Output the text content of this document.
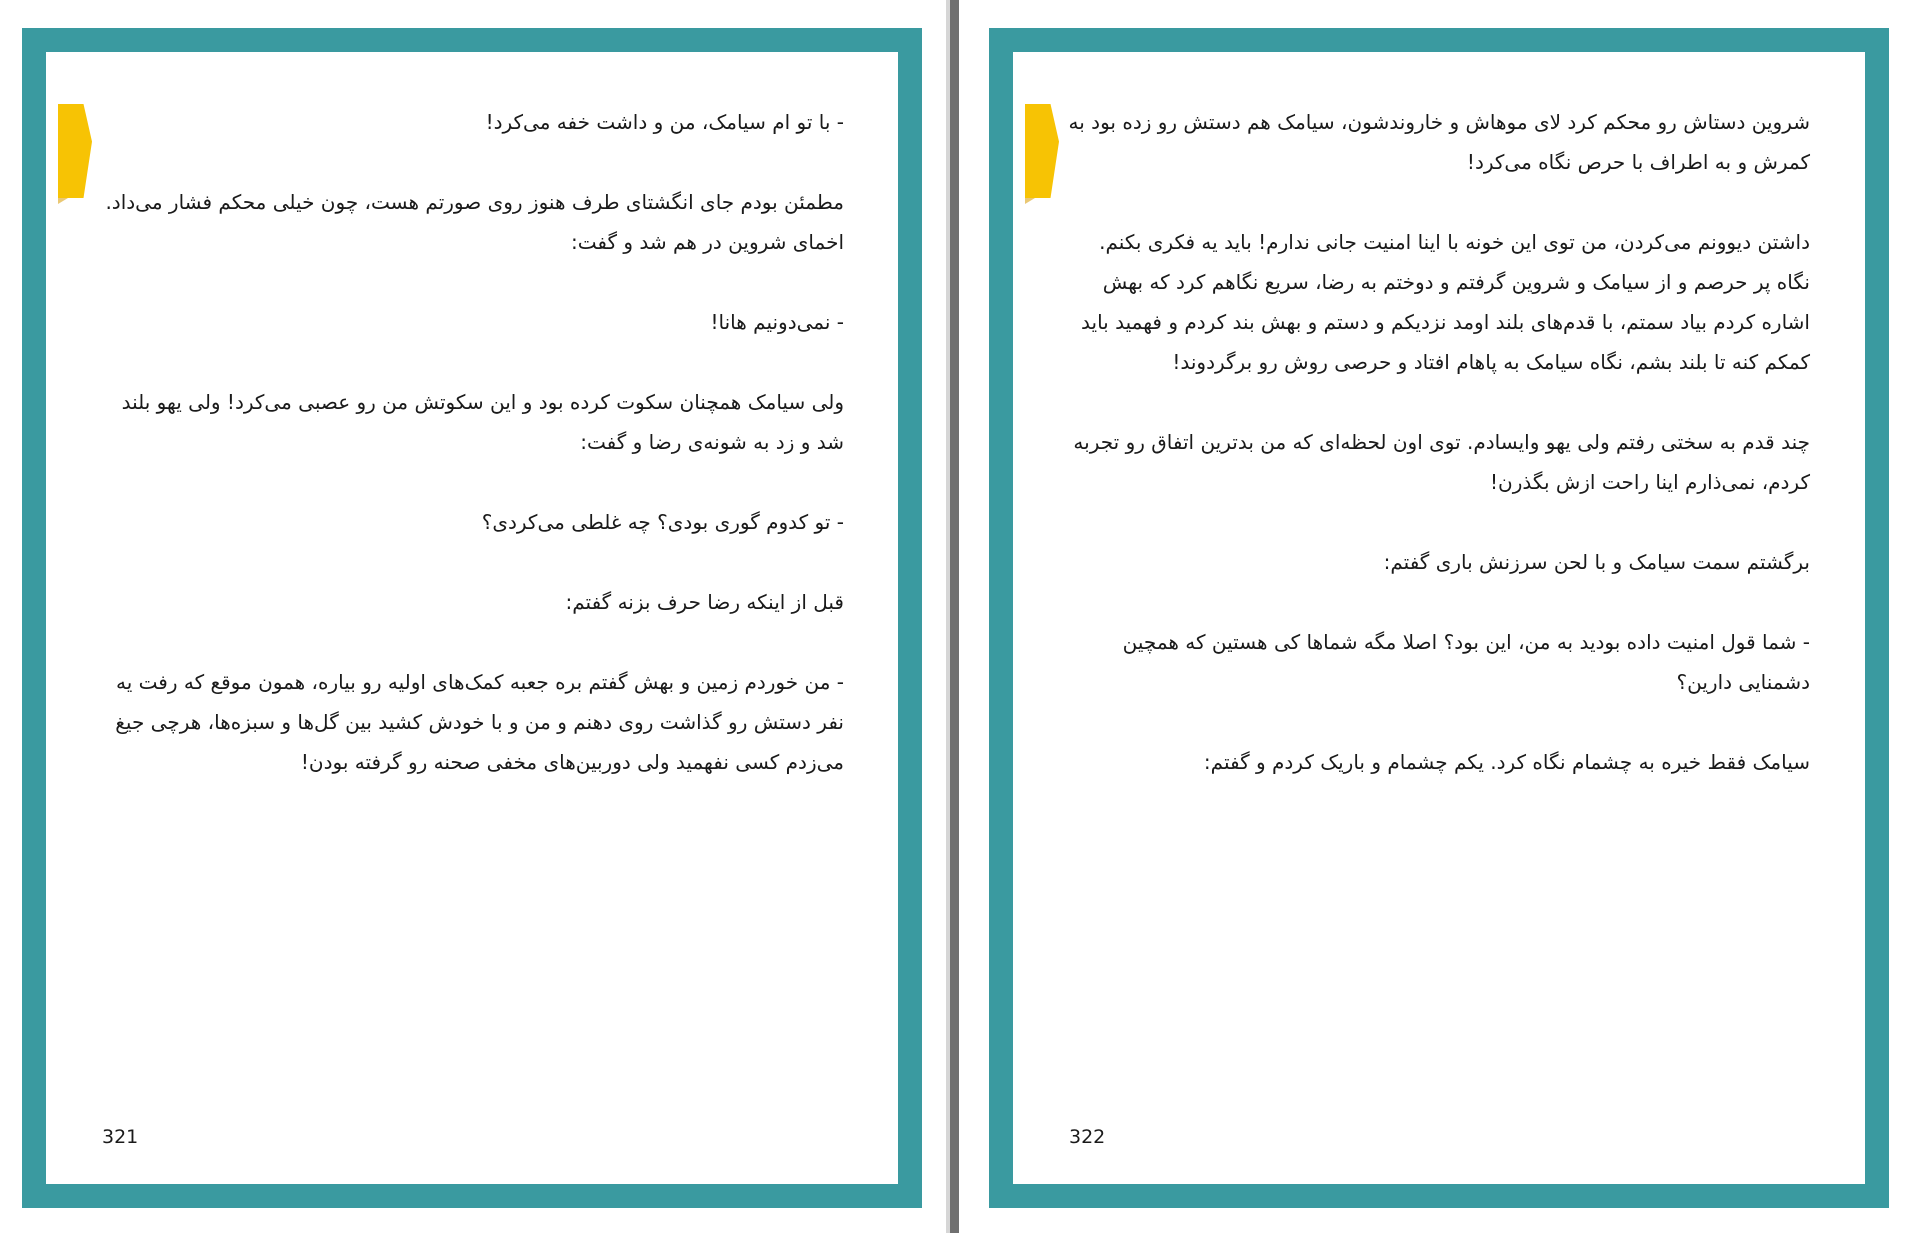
- با تو ام سیامک، من و داشت خفه می‌کرد!

مطمئن بودم جای انگشتای طرف هنوز روی صورتم هست، چون خیلی محکم فشار می‌داد. اخمای شروین در هم شد و گفت:

- نمی‌دونیم هانا!

ولی سیامک همچنان سکوت کرده بود و این سکوتش من رو عصبی می‌کرد! ولی یهو بلند شد و زد به شونه‌ی رضا و گفت:

- تو کدوم گوری بودی؟ چه غلطی می‌کردی؟

قبل از اینکه رضا حرف بزنه گفتم:

- من خوردم زمین و بهش گفتم بره جعبه کمک‌های اولیه رو بیاره، همون موقع که رفت یه نفر دستش رو گذاشت روی دهنم و من و با خودش کشید بین گل‌ها و سبزه‌ها، هرچی جیغ می‌زدم کسی نفهمید ولی دوربین‌های مخفی صحنه رو گرفته بودن!

321

شروین دستاش رو محکم کرد لای موهاش و خاروندشون، سیامک هم دستش رو زده بود به کمرش و به اطراف با حرص نگاه می‌کرد!

داشتن دیوونم می‌کردن، من توی این خونه با اینا امنیت جانی ندارم! باید یه فکری بکنم. نگاه پر حرصم و از سیامک و شروین گرفتم و دوختم به رضا، سریع نگاهم کرد که بهش اشاره کردم بیاد سمتم، با قدم‌های بلند اومد نزدیکم و دستم و بهش بند کردم و فهمید باید کمکم کنه تا بلند بشم، نگاه سیامک به پاهام افتاد و حرصی روش رو برگردوند!

چند قدم به سختی رفتم ولی یهو وایسادم. توی اون لحظه‌ای که من بدترین اتفاق رو تجربه کردم، نمی‌ذارم اینا راحت ازش بگذرن!

برگشتم سمت سیامک و با لحن سرزنش باری گفتم:

- شما قول امنیت داده بودید به من، این بود؟ اصلا مگه شماها کی هستین که همچین دشمنایی دارین؟

سیامک فقط خیره به چشمام نگاه کرد. یکم چشمام و باریک کردم و گفتم:

322
